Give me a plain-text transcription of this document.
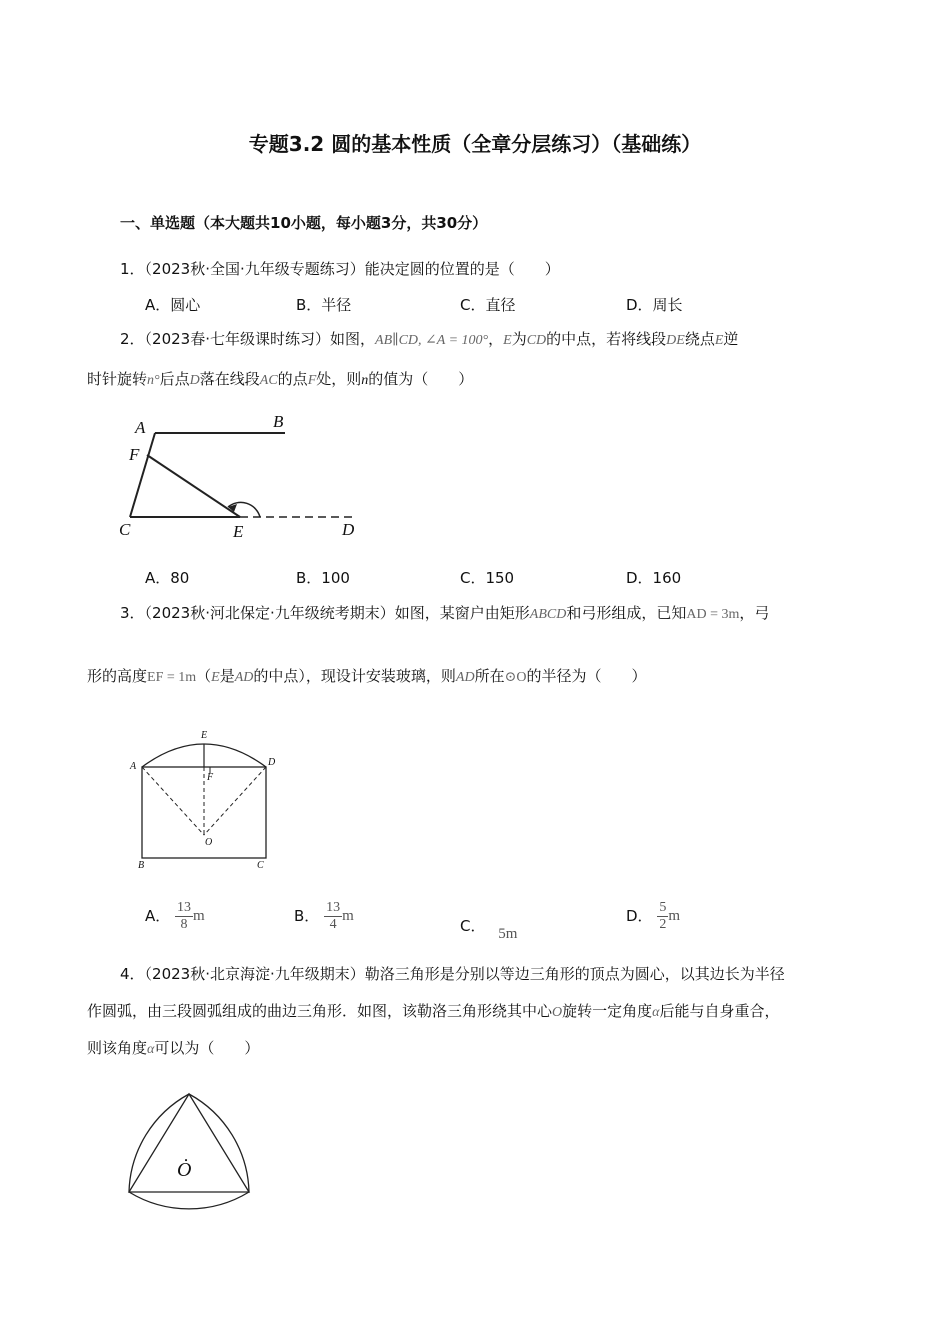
专题3.2 圆的基本性质（全章分层练习）（基础练）
一、单选题（本大题共10小题，每小题3分，共30分）
1．（2023秋·全国·九年级专题练习）能决定圆的位置的是（　　）
A．圆心	B．半径	C．直径	D．周长
2．（2023春·七年级课时练习）如图，AB∥CD, ∠A = 100°，E为CD的中点，若将线段DE绕点E逆
时针旋转n°后点D落在线段AC的点F处，则n的值为（　　）
A	B
F
C	E	D
A．80	B．100	C．150	D．160
3．（2023秋·河北保定·九年级统考期末）如图，某窗户由矩形ABCD和弓形组成，已知AD = 3m，弓
形的高度EF = 1m（E是AD的中点），现设计安装玻璃，则AD所在⊙O的半径为（　　）
E
A	D
F
O
B	C
A． $\frac{13}{8}$ m	B． $\frac{13}{4}$ m
C． 5m
D． $\frac{5}{2}$ m
4．（2023秋·北京海淀·九年级期末）勒洛三角形是分别以等边三角形的顶点为圆心，以其边长为半径
作圆弧，由三段圆弧组成的曲边三角形．如图，该勒洛三角形绕其中心O旋转一定角度α后能与自身重合，
则该角度α可以为（　　）
Ȯ
